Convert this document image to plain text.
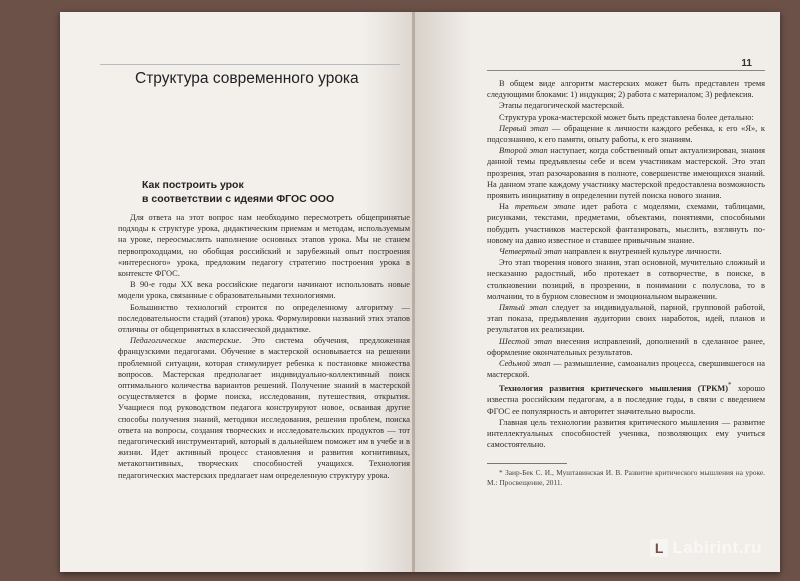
Структура современного урока
Как построить урок
в соответствии с идеями ФГОС ООО

Для ответа на этот вопрос нам необходимо пересмотреть общепринятые подходы к структуре урока, дидактическим приемам и методам, используемым на уроке, переосмыслить наполнение основных этапов урока. Мы не станем первопроходцами, но обобщая российский и зарубежный опыт построения «интересного» урока, предложим педагогу стратегию построения урока в контексте ФГОС.

В 90-е годы XX века российские педагоги начинают использовать новые модели урока, связанные с образовательными технологиями.

Большинство технологий строится по определенному алгоритму — последовательности стадий (этапов) урока. Формулировки названий этих этапов отличны от общепринятых в классической дидактике.

Педагогические мастерские. Это система обучения, предложенная французскими педагогами. Обучение в мастерской основывается на решении проблемной ситуации, которая стимулирует ребенка к постановке множества вопросов. Мастерская предполагает индивидуально-коллективный поиск оптимального количества вариантов решений. Получение знаний в мастерской осуществляется в форме поиска, исследования, путешествия, открытия. Учащиеся под руководством педагога конструируют новое, осваивая другие способы получения знаний, методики исследования, решения проблем, поиска ответа на вопросы, создания творческих и исследовательских продуктов — тот педагогический инструментарий, который в дальнейшем поможет им в учебе и в жизни. Идет активный процесс становления и развития когнитивных, метакогнитивных, творческих способностей учащихся. Технология педагогических мастерских предлагает нам определенную структуру урока.

11

В общем виде алгоритм мастерских может быть представлен тремя следующими блоками: 1) индукция; 2) работа с материалом; 3) рефлексия.

Этапы педагогической мастерской.

Структура урока-мастерской может быть представлена более детально:

Первый этап — обращение к личности каждого ребенка, к его «Я», к подсознанию, к его памяти, опыту работы, к его знаниям.

Второй этап наступает, когда собственный опыт актуализирован, знания данной темы предъявлены себе и всем участникам мастерской. Это этап прозрения, этап разочарования в полноте, совершенстве имеющихся знаний. На данном этапе каждому участнику мастерской предоставлена возможность проявить инициативу в определении путей поиска нового знания.

На третьем этапе идет работа с моделями, схемами, таблицами, рисунками, текстами, предметами, объектами, понятиями, способными побудить участников мастерской фантазировать, мыслить, взглянуть по-новому на давно известное и ставшее привычным знание.

Четвертый этап направлен к внутренней культуре личности.

Это этап творения нового знания, этап основной, мучительно сложный и нескаэанно радостный, ибо протекает в сотворчестве, в поиске, в столкновении позиций, в прозрении, в понимании с полуслова, то в молчании, то в бурном словесном и эмоциональном выражении.

Пятый этап следует за индивидуальной, парной, групповой работой, этап показа, предъявления аудитории своих наработок, идей, планов и результатов их реализации.

Шестой этап внесения исправлений, дополнений в сделанное ранее, оформление окончательных результатов.

Седьмой этап — размышление, самоанализ процесса, свершившегося на мастерской.

Технология развития критического мышления (ТРКМ)* хорошо известна российским педагогам, а в последние годы, в связи с введением ФГОС ее популярность и авторитет значительно выросли.

Главная цель технологии развития критического мышления — развитие интеллектуальных способностей ученика, позволяющих ему учиться самостоятельно.

* Заир-Бек С. И., Муштавинская И. В. Развитие критического мышления на уроке. М.: Просвещение, 2011.
L Labirint.ru
